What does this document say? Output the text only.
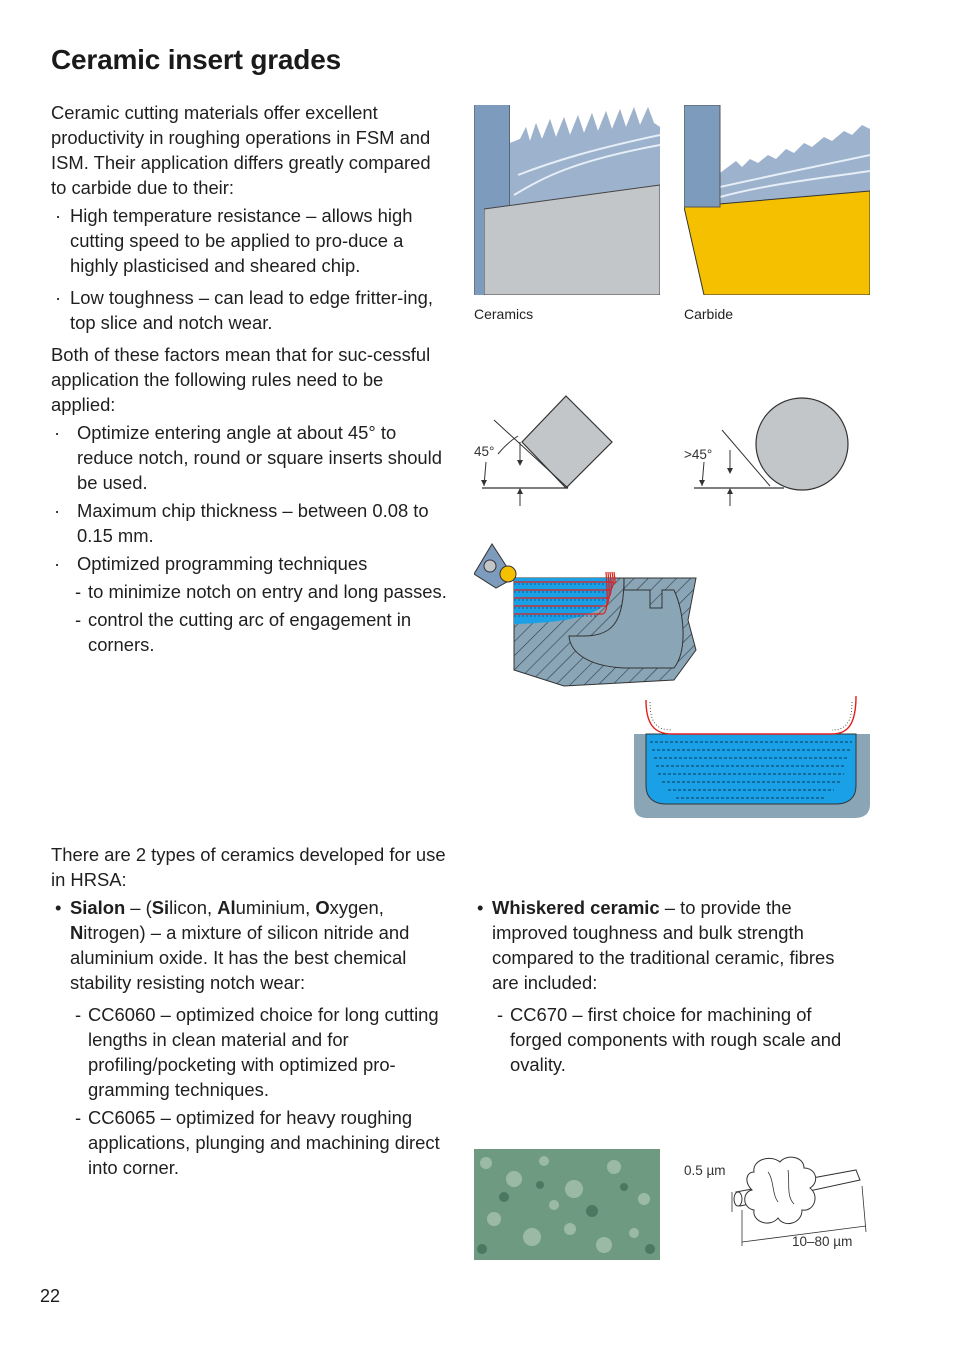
Ceramic insert grades
Ceramic cutting materials offer excellent productivity in roughing operations in FSM and ISM. Their application differs greatly compared to carbide due to their:
· High temperature resistance – allows high cutting speed to be applied to pro-duce a highly plasticised and sheared chip.
· Low toughness – can lead to edge fritter-ing, top slice and notch wear.
Both of these factors mean that for suc-cessful application the following rules need to be applied:
· Optimize entering angle at about 45° to reduce notch, round or square inserts should be used.
· Maximum chip thickness – between 0.08 to 0.15 mm.
· Optimized programming techniques
- to minimize notch on entry and long passes.
- control the cutting arc of engagement in corners.
There are 2 types of ceramics developed for use in HRSA:
• Sialon – (Silicon, Aluminium, Oxygen, Nitrogen) – a mixture of silicon nitride and aluminium oxide. It has the best chemical stability resisting notch wear:
- CC6060 – optimized choice for long cutting lengths in clean material and for profiling/pocketing with optimized pro-gramming techniques.
- CC6065 – optimized for heavy roughing applications, plunging and machining direct into corner.
• Whiskered ceramic – to provide the improved toughness and bulk strength compared to the traditional ceramic, fibres are included:
- CC670 – first choice for machining of forged components with rough scale and ovality.
Ceramics	Carbide
45°	>45°
0.5 µm
10–80 µm
22
